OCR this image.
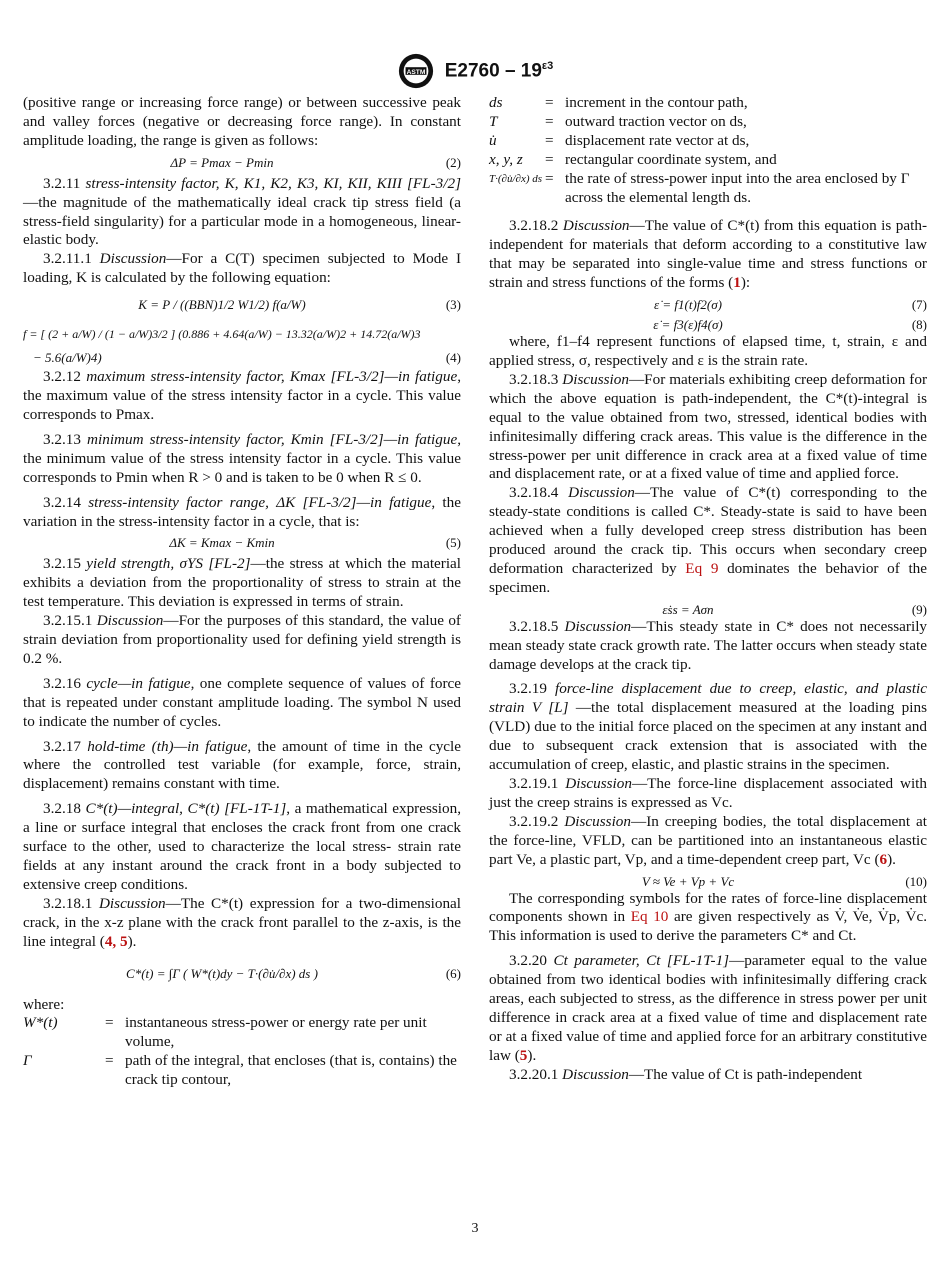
ASTM $E2760 - 19^{\varepsilon 3}$

(positive range or increasing force range) or between successive peak and valley forces (negative or decreasing force range). In constant amplitude loading, the range is given as follows:

ΔP = Pmax − Pmin	(2)

3.2.11 stress-intensity factor, K, K1, K2, K3, KI, KII, KIII [FL-3/2]—the magnitude of the mathematically ideal crack tip stress field (a stress-field singularity) for a particular mode in a homogeneous, linear-elastic body.

3.2.11.1 Discussion—For a C(T) specimen subjected to Mode I loading, K is calculated by the following equation:

K = P / ((BBN)1/2 W1/2) f(a/W)	(3)
f = [ (2 + a/W) / (1 − a/W)3/2 ] (0.886 + 4.64(a/W) − 13.32(a/W)2 + 14.72(a/W)3
− 5.6(a/W)4)	(4)

3.2.12 maximum stress-intensity factor, Kmax [FL-3/2]—in fatigue, the maximum value of the stress intensity factor in a cycle. This value corresponds to Pmax.

3.2.13 minimum stress-intensity factor, Kmin [FL-3/2]—in fatigue, the minimum value of the stress intensity factor in a cycle. This value corresponds to Pmin when R > 0 and is taken to be 0 when R ≤ 0.

3.2.14 stress-intensity factor range, ΔK [FL-3/2]—in fatigue, the variation in the stress-intensity factor in a cycle, that is:

ΔK = Kmax − Kmin	(5)

3.2.15 yield strength, σYS [FL-2]—the stress at which the material exhibits a deviation from the proportionality of stress to strain at the test temperature. This deviation is expressed in terms of strain.

3.2.15.1 Discussion—For the purposes of this standard, the value of strain deviation from proportionality used for defining yield strength is 0.2 %.

3.2.16 cycle—in fatigue, one complete sequence of values of force that is repeated under constant amplitude loading. The symbol N used to indicate the number of cycles.

3.2.17 hold-time (th)—in fatigue, the amount of time in the cycle where the controlled test variable (for example, force, strain, displacement) remains constant with time.

3.2.18 C*(t)—integral, C*(t) [FL-1T-1], a mathematical expression, a line or surface integral that encloses the crack front from one crack surface to the other, used to characterize the local stress- strain rate fields at any instant around the crack front in a body subjected to extensive creep conditions.

3.2.18.1 Discussion—The C*(t) expression for a two-dimensional crack, in the x-z plane with the crack front parallel to the z-axis, is the line integral (4, 5).

C*(t) = ∫Γ ( W*(t)dy − T·(∂u̇/∂x) ds )	(6)
where:
W*(t)	=	instantaneous stress-power or energy rate per unit volume,
Γ	=	path of the integral, that encloses (that is, contains) the crack tip contour,
ds	=	increment in the contour path,
T	=	outward traction vector on ds,
u̇	=	displacement rate vector at ds,
x, y, z	=	rectangular coordinate system, and
T·(∂u̇/∂x) ds	=	the rate of stress-power input into the area enclosed by Γ across the elemental length ds.

3.2.18.2 Discussion—The value of C*(t) from this equation is path-independent for materials that deform according to a constitutive law that may be separated into single-value time and stress functions or strain and stress functions of the forms (1):

ε̇ = f1(t)f2(σ)	(7)
ε̇ = f3(ε)f4(σ)	(8)

where, f1–f4 represent functions of elapsed time, t, strain, ε and applied stress, σ, respectively and ε is the strain rate.

3.2.18.3 Discussion—For materials exhibiting creep deformation for which the above equation is path-independent, the C*(t)-integral is equal to the value obtained from two, stressed, identical bodies with infinitesimally differing crack areas. This value is the difference in the stress-power per unit difference in crack area at a fixed value of time and displacement rate, or at a fixed value of time and applied force.

3.2.18.4 Discussion—The value of C*(t) corresponding to the steady-state conditions is called C*. Steady-state is said to have been achieved when a fully developed creep stress distribution has been produced around the crack tip. This occurs when secondary creep deformation characterized by Eq 9 dominates the behavior of the specimen.

ε̇ss = Aσn	(9)

3.2.18.5 Discussion—This steady state in C* does not necessarily mean steady state crack growth rate. The latter occurs when steady state damage develops at the crack tip.

3.2.19 force-line displacement due to creep, elastic, and plastic strain V [L] —the total displacement measured at the loading pins (VLD) due to the initial force placed on the specimen at any instant and due to subsequent crack extension that is associated with the accumulation of creep, elastic, and plastic strains in the specimen.

3.2.19.1 Discussion—The force-line displacement associated with just the creep strains is expressed as Vc.

3.2.19.2 Discussion—In creeping bodies, the total displacement at the force-line, VFLD, can be partitioned into an instantaneous elastic part Ve, a plastic part, Vp, and a time-dependent creep part, Vc (6).

V ≈ Ve + Vp + Vc	(10)

The corresponding symbols for the rates of force-line displacement components shown in Eq 10 are given respectively as V̇, V̇e, V̇p, V̇c. This information is used to derive the parameters C* and Ct.

3.2.20 Ct parameter, Ct [FL-1T-1]—parameter equal to the value obtained from two identical bodies with infinitesimally differing crack areas, each subjected to stress, as the difference in stress power per unit difference in crack area at a fixed value of time and displacement rate or at a fixed value of time and applied force for an arbitrary constitutive law (5).

3.2.20.1 Discussion—The value of Ct is path-independent

3
